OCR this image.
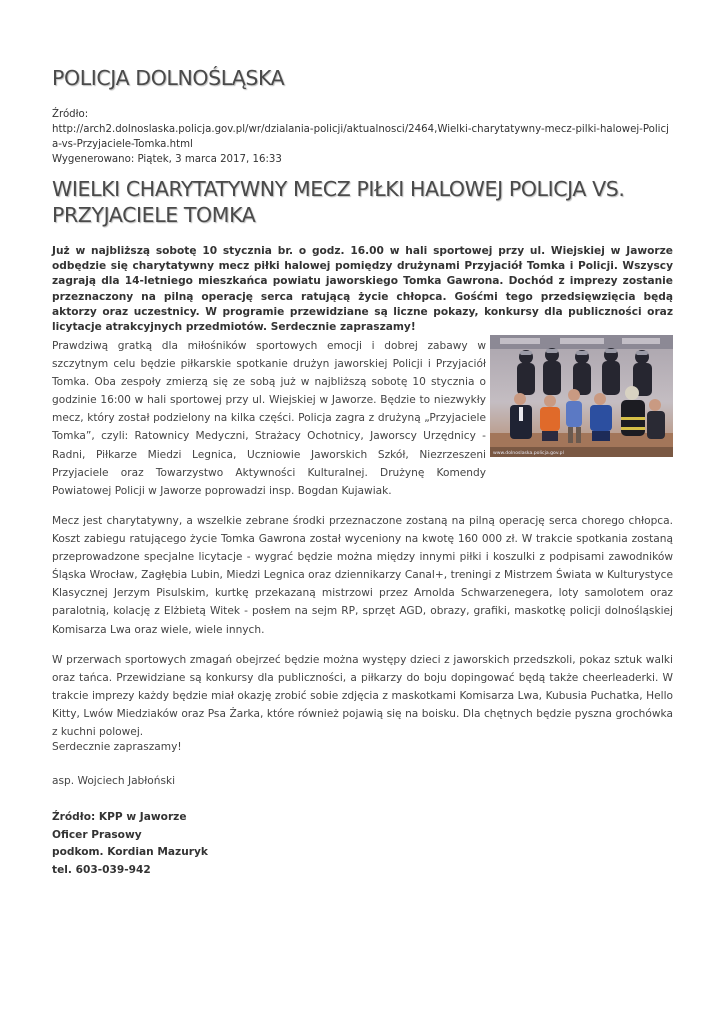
POLICJA DOLNOŚLĄSKA
Źródło:
http://arch2.dolnoslaska.policja.gov.pl/wr/dzialania-policji/aktualnosci/2464,Wielki-charytatywny-mecz-pilki-halowej-Policja-vs-Przyjaciele-Tomka.html
Wygenerowano: Piątek, 3 marca 2017, 16:33
WIELKI CHARYTATYWNY MECZ PIŁKI HALOWEJ POLICJA VS. PRZYJACIELE TOMKA

Już w najbliższą sobotę 10 stycznia br. o godz. 16.00 w hali sportowej przy ul. Wiejskiej w Jaworze odbędzie się charytatywny mecz piłki halowej pomiędzy drużynami Przyjaciół Tomka i Policji. Wszyscy zagrają dla 14-letniego mieszkańca powiatu jaworskiego Tomka Gawrona. Dochód z imprezy zostanie przeznaczony na pilną operację serca ratującą życie chłopca. Gośćmi tego przedsięwzięcia będą aktorzy oraz uczestnicy. W programie przewidziane są liczne pokazy, konkursy dla publiczności oraz licytacje atrakcyjnych przedmiotów. Serdecznie zapraszamy!

Prawdziwą gratką dla miłośników sportowych emocji i dobrej zabawy w szczytnym celu będzie piłkarskie spotkanie drużyn jaworskiej Policji i Przyjaciół Tomka. Oba zespoły zmierzą się ze sobą już w najbliższą sobotę 10 stycznia o godzinie 16:00 w hali sportowej przy ul. Wiejskiej w Jaworze. Będzie to niezwykły mecz, który został podzielony na kilka części. Policja zagra z drużyną „Przyjaciele Tomka”, czyli: Ratownicy Medyczni, Strażacy Ochotnicy, Jaworscy Urzędnicy - Radni, Piłkarze Miedzi Legnica, Uczniowie Jaworskich Szkół, Niezrzeszeni Przyjaciele oraz Towarzystwo Aktywności Kulturalnej. Drużynę Komendy Powiatowej Policji w Jaworze poprowadzi insp. Bogdan Kujawiak.

www.dolnoslaska.policja.gov.pl

Mecz jest charytatywny, a wszelkie zebrane środki przeznaczone zostaną na pilną operację serca chorego chłopca. Koszt zabiegu ratującego życie Tomka Gawrona został wyceniony na kwotę 160 000 zł. W trakcie spotkania zostaną przeprowadzone specjalne licytacje - wygrać będzie można między innymi piłki i koszulki z podpisami zawodników Śląska Wrocław, Zagłębia Lubin, Miedzi Legnica oraz dziennikarzy Canal+, treningi z Mistrzem Świata w Kulturystyce Klasycznej Jerzym Pisulskim, kurtkę przekazaną mistrzowi przez Arnolda Schwarzenegera, loty samolotem oraz paralotnią, kolację z Elżbietą Witek - posłem na sejm RP, sprzęt AGD, obrazy, grafiki, maskotkę policji dolnośląskiej Komisarza Lwa oraz wiele, wiele innych.

W przerwach sportowych zmagań obejrzeć będzie można występy dzieci z jaworskich przedszkoli, pokaz sztuk walki oraz tańca. Przewidziane są konkursy dla publiczności, a piłkarzy do boju dopingować będą także cheerleaderki. W trakcie imprezy każdy będzie miał okazję zrobić sobie zdjęcia z maskotkami Komisarza Lwa, Kubusia Puchatka, Hello Kitty, Lwów Miedziaków oraz Psa Żarka, które również pojawią się na boisku. Dla chętnych będzie pyszna grochówka z kuchni polowej.

Serdecznie zapraszamy!

asp. Wojciech Jabłoński

Źródło: KPP w Jaworze
Oficer Prasowy
podkom. Kordian Mazuryk
tel. 603-039-942
